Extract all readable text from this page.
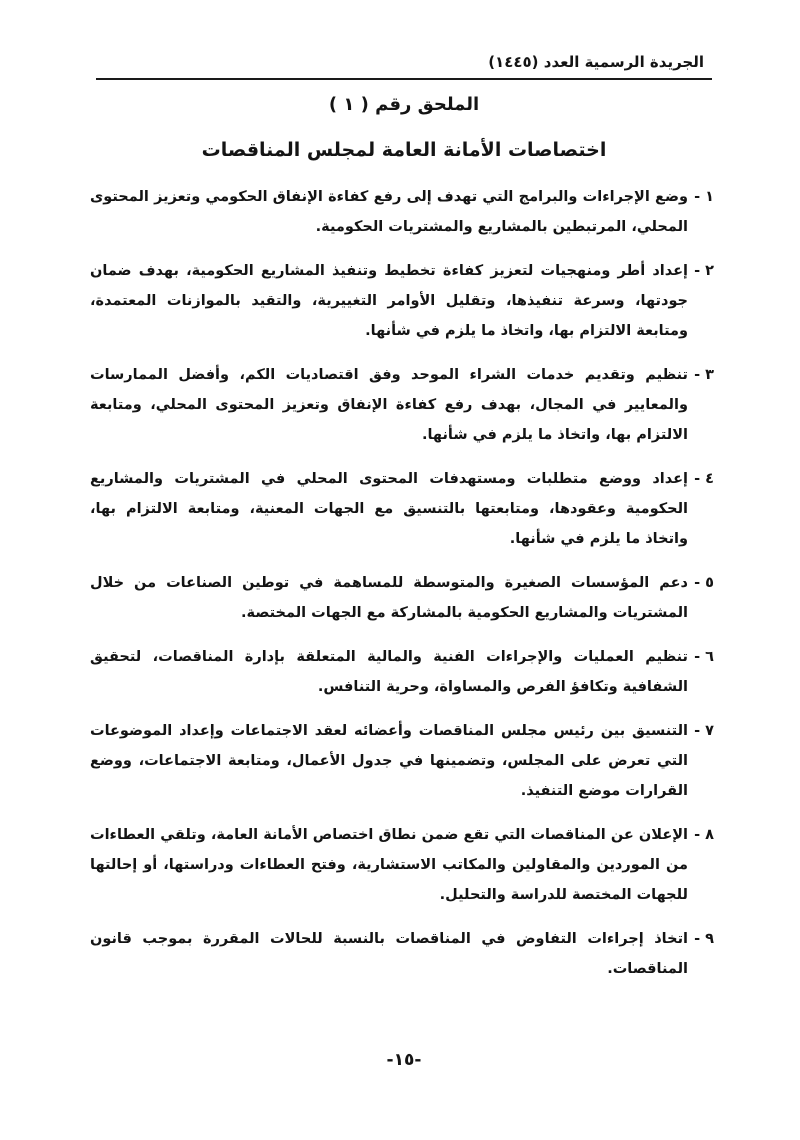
الجريدة الرسمية العدد (١٤٤٥)
الملحق رقم ( ١ )
اختصاصات الأمانة العامة لمجلس المناقصات
١ -
وضع الإجراءات والبرامج التي تهدف إلى رفع كفاءة الإنفاق الحكومي وتعزيز المحتوى المحلي، المرتبطين بالمشاريع والمشتريات الحكومية.
٢ -
إعداد أطر ومنهجيات لتعزيز كفاءة تخطيط وتنفيذ المشاريع الحكومية، بهدف ضمان جودتها، وسرعة تنفيذها، وتقليل الأوامر التغييرية، والتقيد بالموازنات المعتمدة، ومتابعة الالتزام بها، واتخاذ ما يلزم في شأنها.
٣ -
تنظيم وتقديم خدمات الشراء الموحد وفق اقتصاديات الكم، وأفضل الممارسات والمعايير في المجال، بهدف رفع كفاءة الإنفاق وتعزيز المحتوى المحلي، ومتابعة الالتزام بها، واتخاذ ما يلزم في شأنها.
٤ -
إعداد ووضع متطلبات ومستهدفات المحتوى المحلي في المشتريات والمشاريع الحكومية وعقودها، ومتابعتها بالتنسيق مع الجهات المعنية، ومتابعة الالتزام بها، واتخاذ ما يلزم في شأنها.
٥ -
دعم المؤسسات الصغيرة والمتوسطة للمساهمة في توطين الصناعات من خلال المشتريات والمشاريع الحكومية بالمشاركة مع الجهات المختصة.
٦ -
تنظيم العمليات والإجراءات الفنية والمالية المتعلقة بإدارة المناقصات، لتحقيق الشفافية وتكافؤ الفرص والمساواة، وحرية التنافس.
٧ -
التنسيق بين رئيس مجلس المناقصات وأعضائه لعقد الاجتماعات وإعداد الموضوعات التي تعرض على المجلس، وتضمينها في جدول الأعمال، ومتابعة الاجتماعات، ووضع القرارات موضع التنفيذ.
٨ -
الإعلان عن المناقصات التي تقع ضمن نطاق اختصاص الأمانة العامة، وتلقي العطاءات من الموردين والمقاولين والمكاتب الاستشارية، وفتح العطاءات ودراستها، أو إحالتها للجهات المختصة للدراسة والتحليل.
٩ -
اتخاذ إجراءات التفاوض في المناقصات بالنسبة للحالات المقررة بموجب قانون المناقصات.
-١٥-
